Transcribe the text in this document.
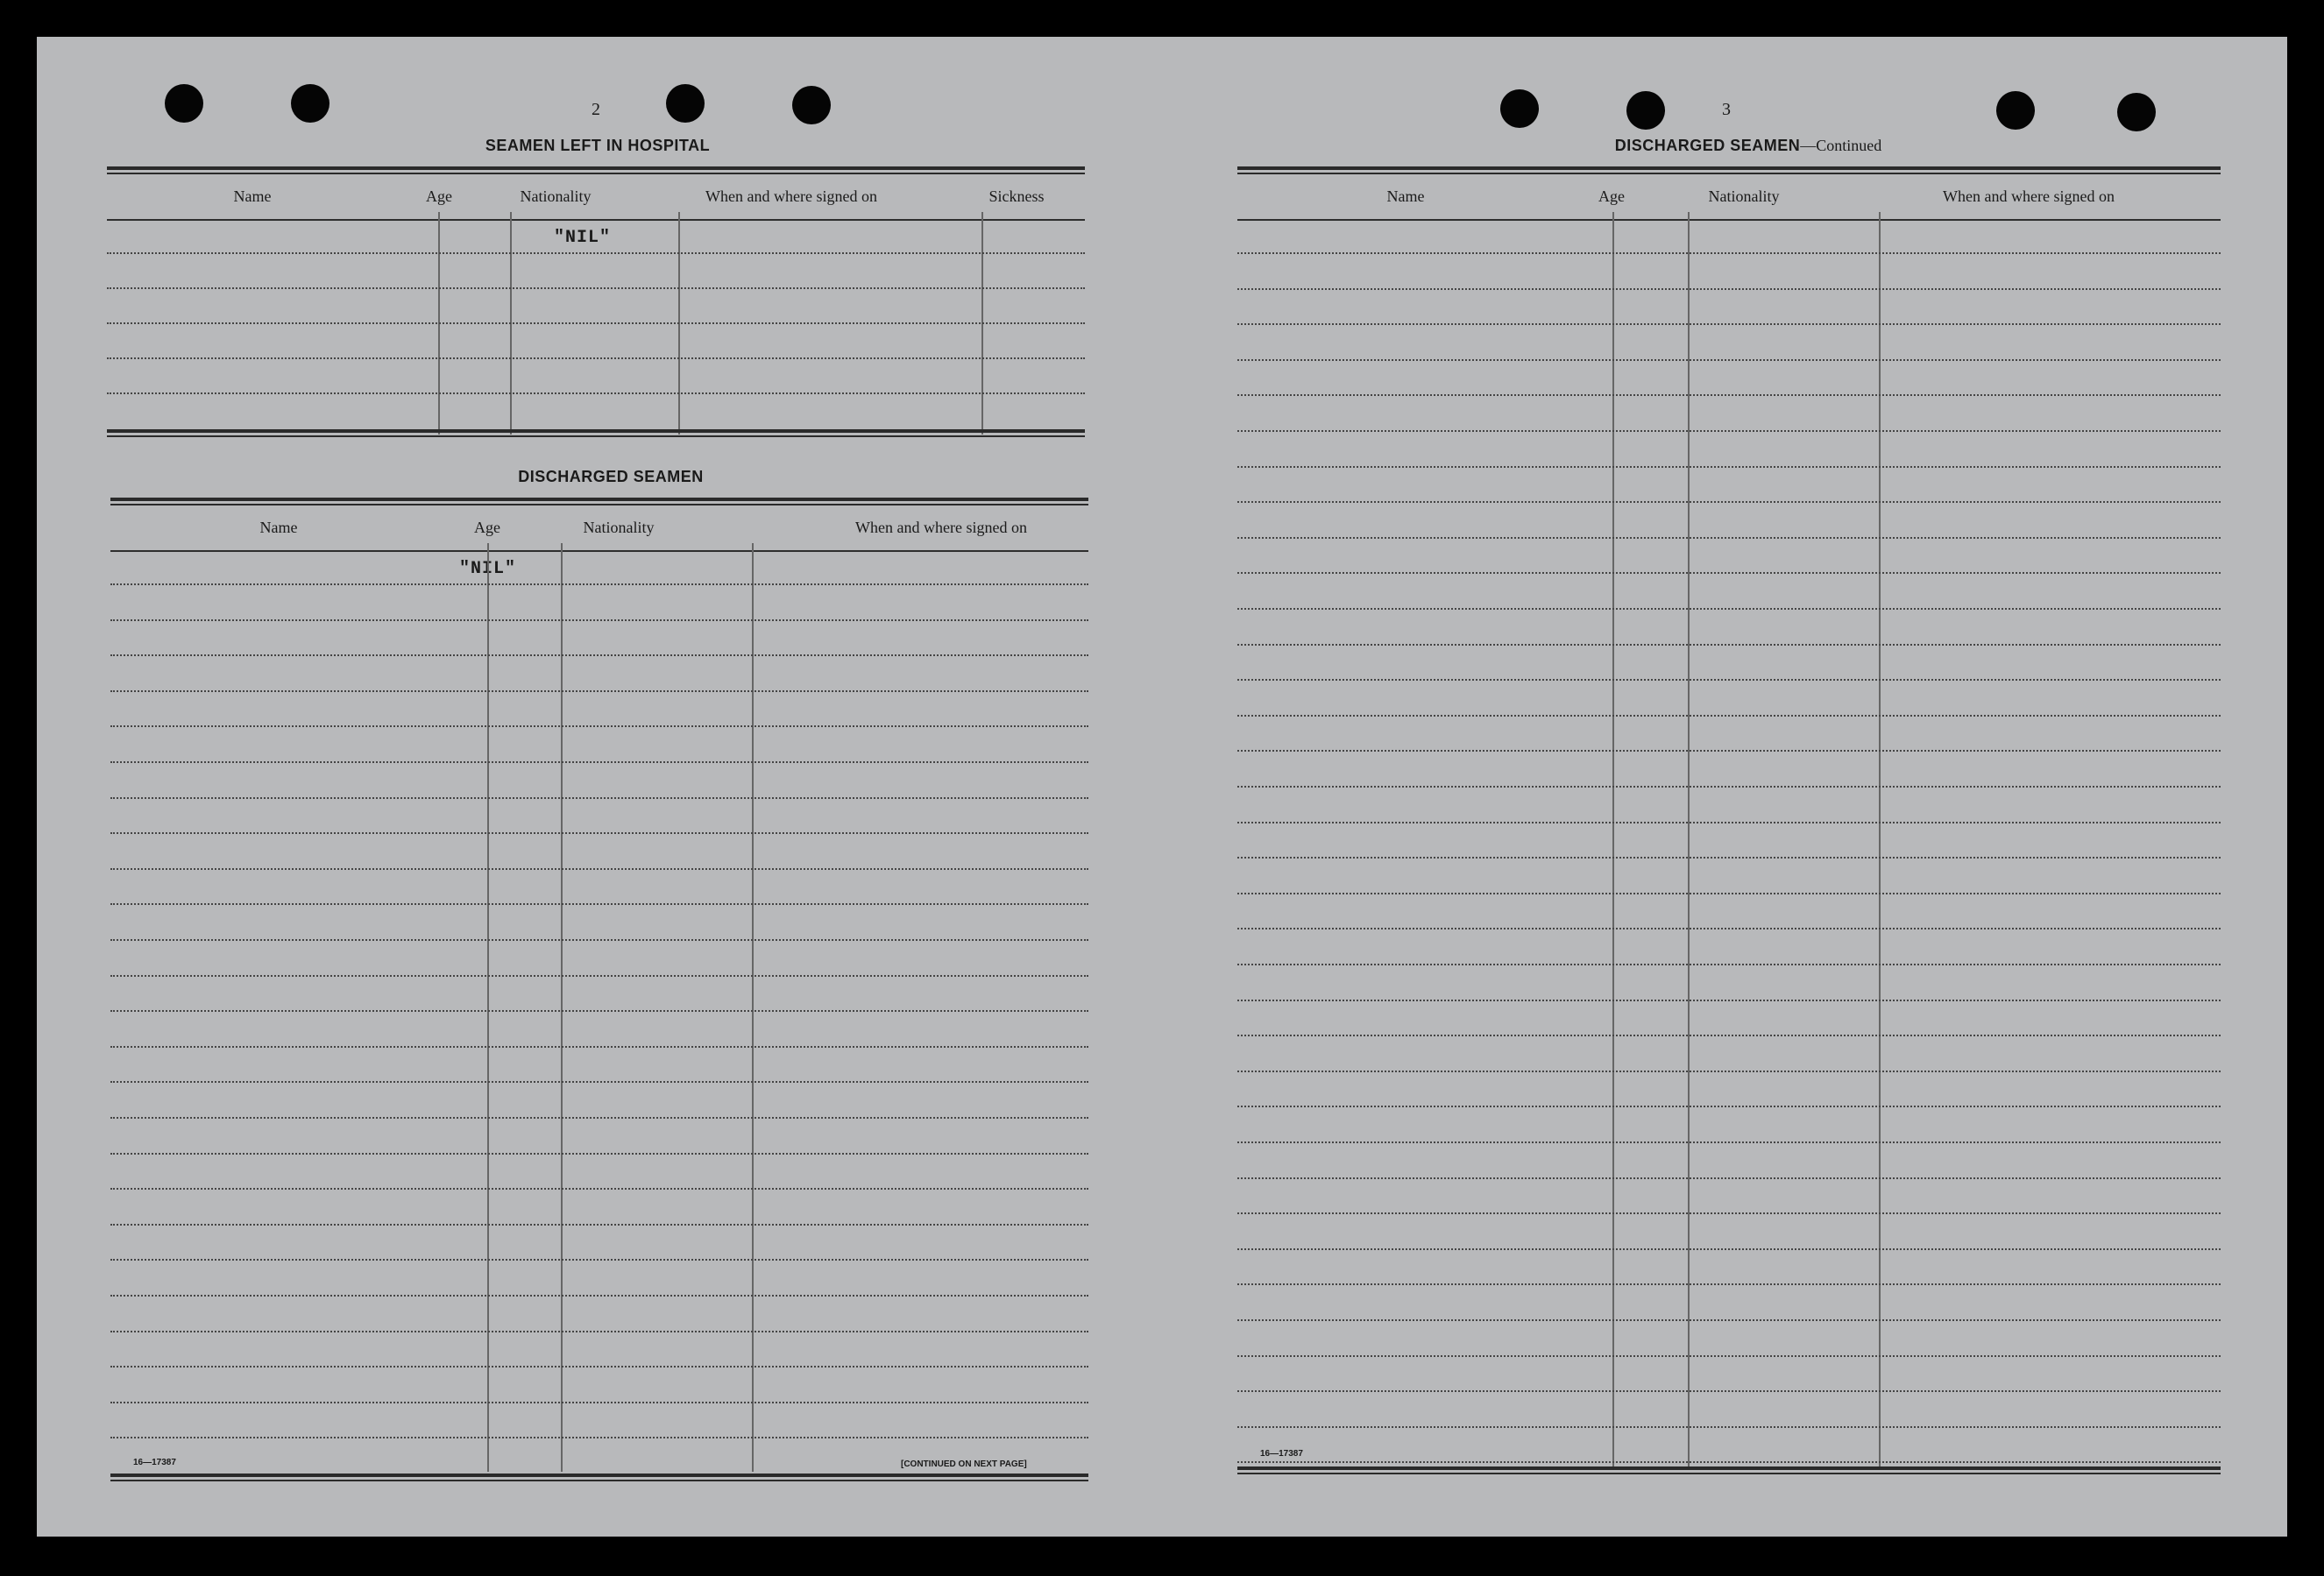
2
SEAMEN LEFT IN HOSPITAL
Name	Age	Nationality	When and where signed on	Sickness
"NIL"
DISCHARGED SEAMEN
Name	Age	Nationality	When and where signed on
"NIL"
16—17387	[CONTINUED ON NEXT PAGE]
3
DISCHARGED SEAMEN—Continued
Name	Age	Nationality	When and where signed on
16—17387
